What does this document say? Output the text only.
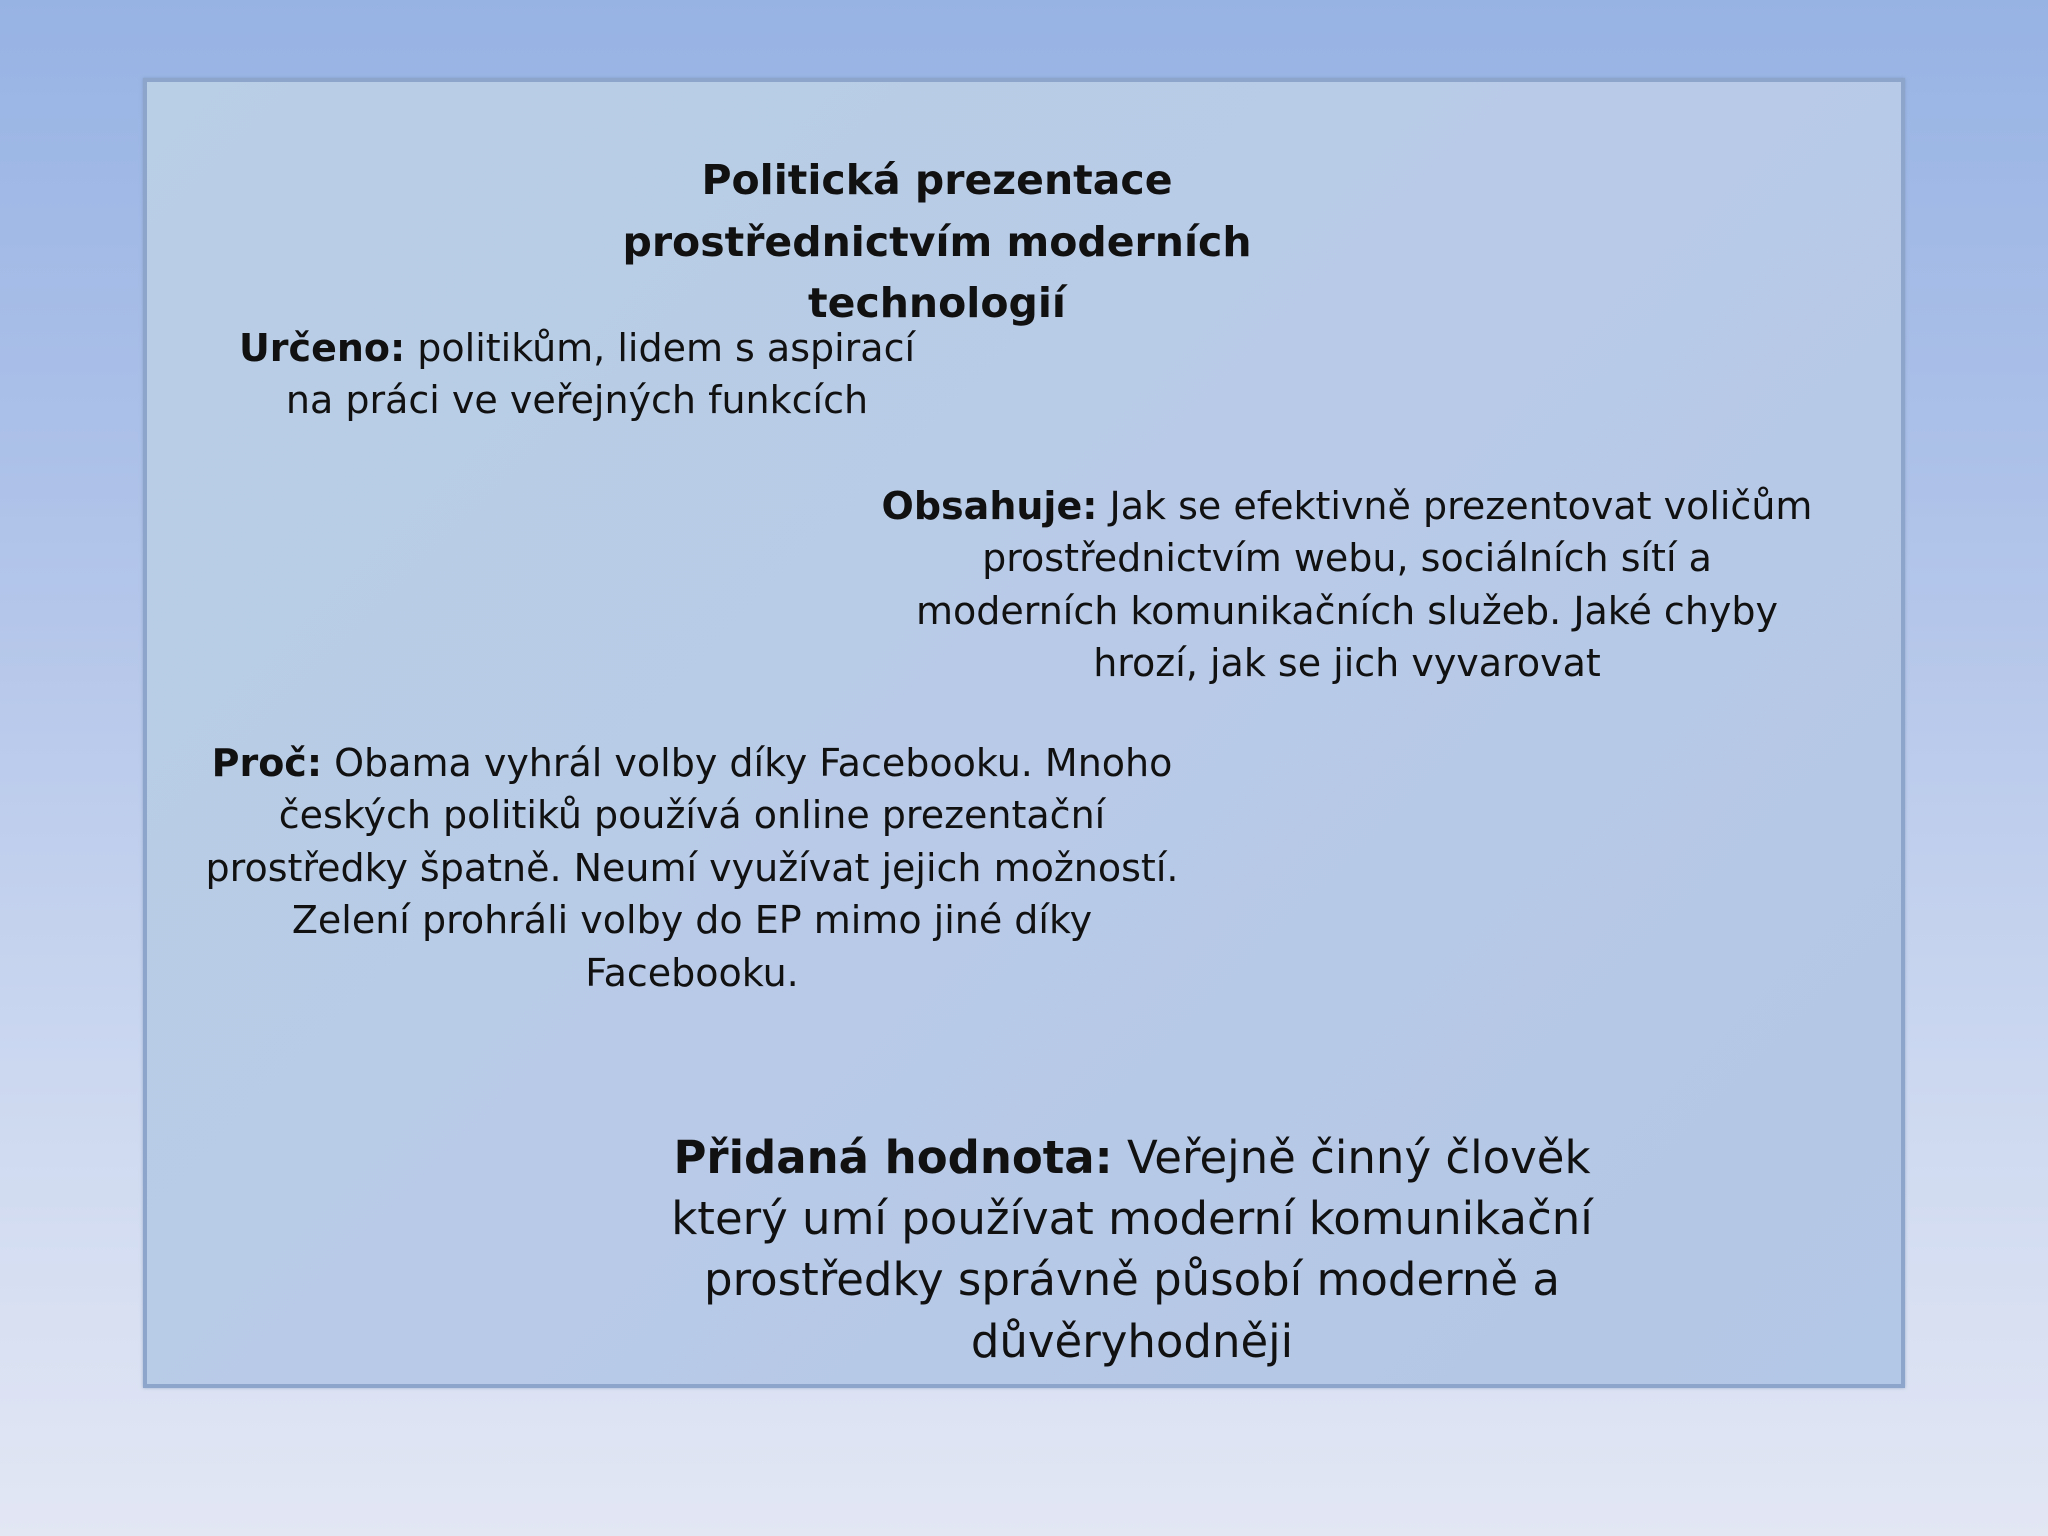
Politická prezentace prostřednictvím moderních technologií
Určeno: politikům, lidem s aspirací na práci ve veřejných funkcích
Obsahuje: Jak se efektivně prezentovat voličům prostřednictvím webu, sociálních sítí a moderních komunikačních služeb. Jaké chyby hrozí, jak se jich vyvarovat
Proč: Obama vyhrál volby díky Facebooku. Mnoho českých politiků používá online prezentační prostředky špatně. Neumí využívat jejich možností. Zelení prohráli volby do EP mimo jiné díky Facebooku.
Přidaná hodnota: Veřejně činný člověk který umí používat moderní komunikační prostředky správně působí moderně a důvěryhodněji
